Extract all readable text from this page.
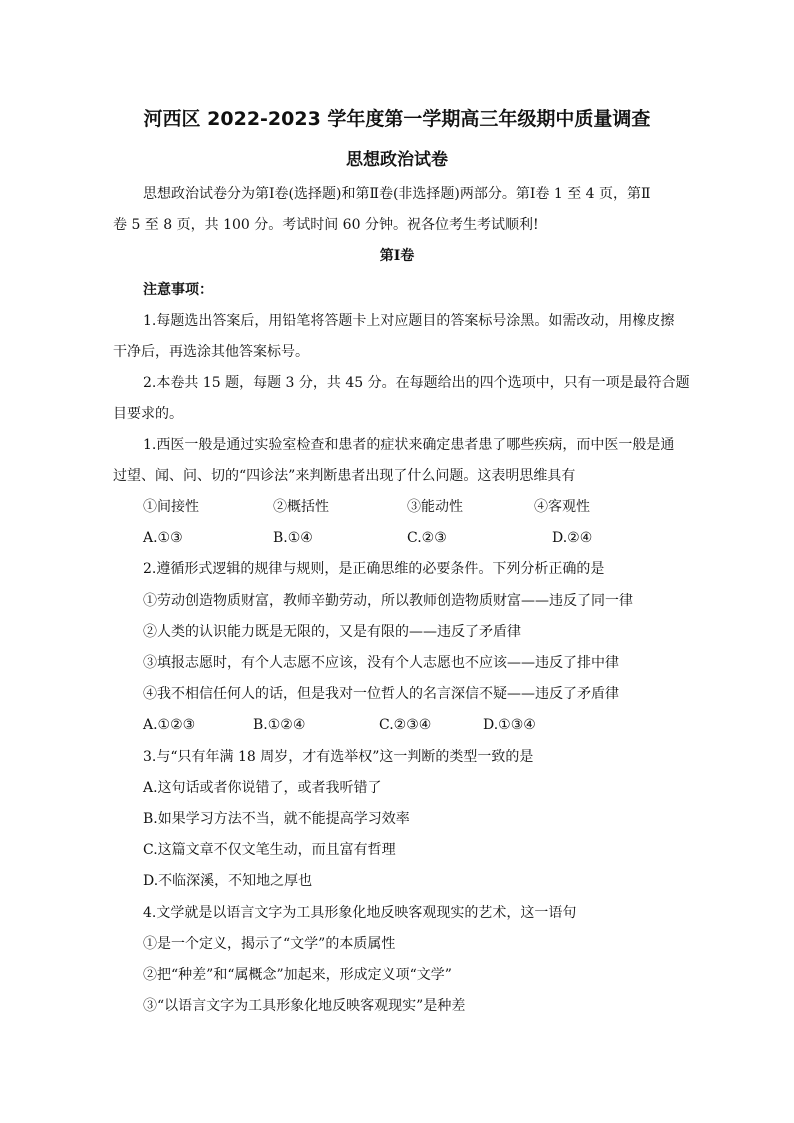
河西区 2022-2023 学年度第一学期高三年级期中质量调查
思想政治试卷
思想政治试卷分为第Ⅰ卷(选择题)和第Ⅱ卷(非选择题)两部分。第Ⅰ卷 1 至 4 页，第Ⅱ
卷 5 至 8 页，共 100 分。考试时间 60 分钟。祝各位考生考试顺利!
第Ⅰ卷
注意事项：
1.每题选出答案后，用铅笔将答题卡上对应题目的答案标号涂黑。如需改动，用橡皮擦
干净后，再选涂其他答案标号。
2.本卷共 15 题，每题 3 分，共 45 分。在每题给出的四个选项中，只有一项是最符合题
目要求的。
1.西医一般是通过实验室检查和患者的症状来确定患者患了哪些疾病，而中医一般是通
过望、闻、问、切的“四诊法”来判断患者出现了什么问题。这表明思维具有
①间接性	②概括性	③能动性	④客观性
A.①③	B.①④	C.②③	D.②④
2.遵循形式逻辑的规律与规则，是正确思维的必要条件。下列分析正确的是
①劳动创造物质财富，教师辛勤劳动，所以教师创造物质财富——违反了同一律
②人类的认识能力既是无限的，又是有限的——违反了矛盾律
③填报志愿时，有个人志愿不应该，没有个人志愿也不应该——违反了排中律
④我不相信任何人的话，但是我对一位哲人的名言深信不疑——违反了矛盾律
A.①②③	B.①②④	C.②③④	D.①③④
3.与“只有年满 18 周岁，才有选举权”这一判断的类型一致的是
A.这句话或者你说错了，或者我听错了
B.如果学习方法不当，就不能提高学习效率
C.这篇文章不仅文笔生动，而且富有哲理
D.不临深溪，不知地之厚也
4.文学就是以语言文字为工具形象化地反映客观现实的艺术，这一语句
①是一个定义，揭示了“文学”的本质属性
②把“种差”和“属概念”加起来，形成定义项“文学”
③“以语言文字为工具形象化地反映客观现实”是种差
